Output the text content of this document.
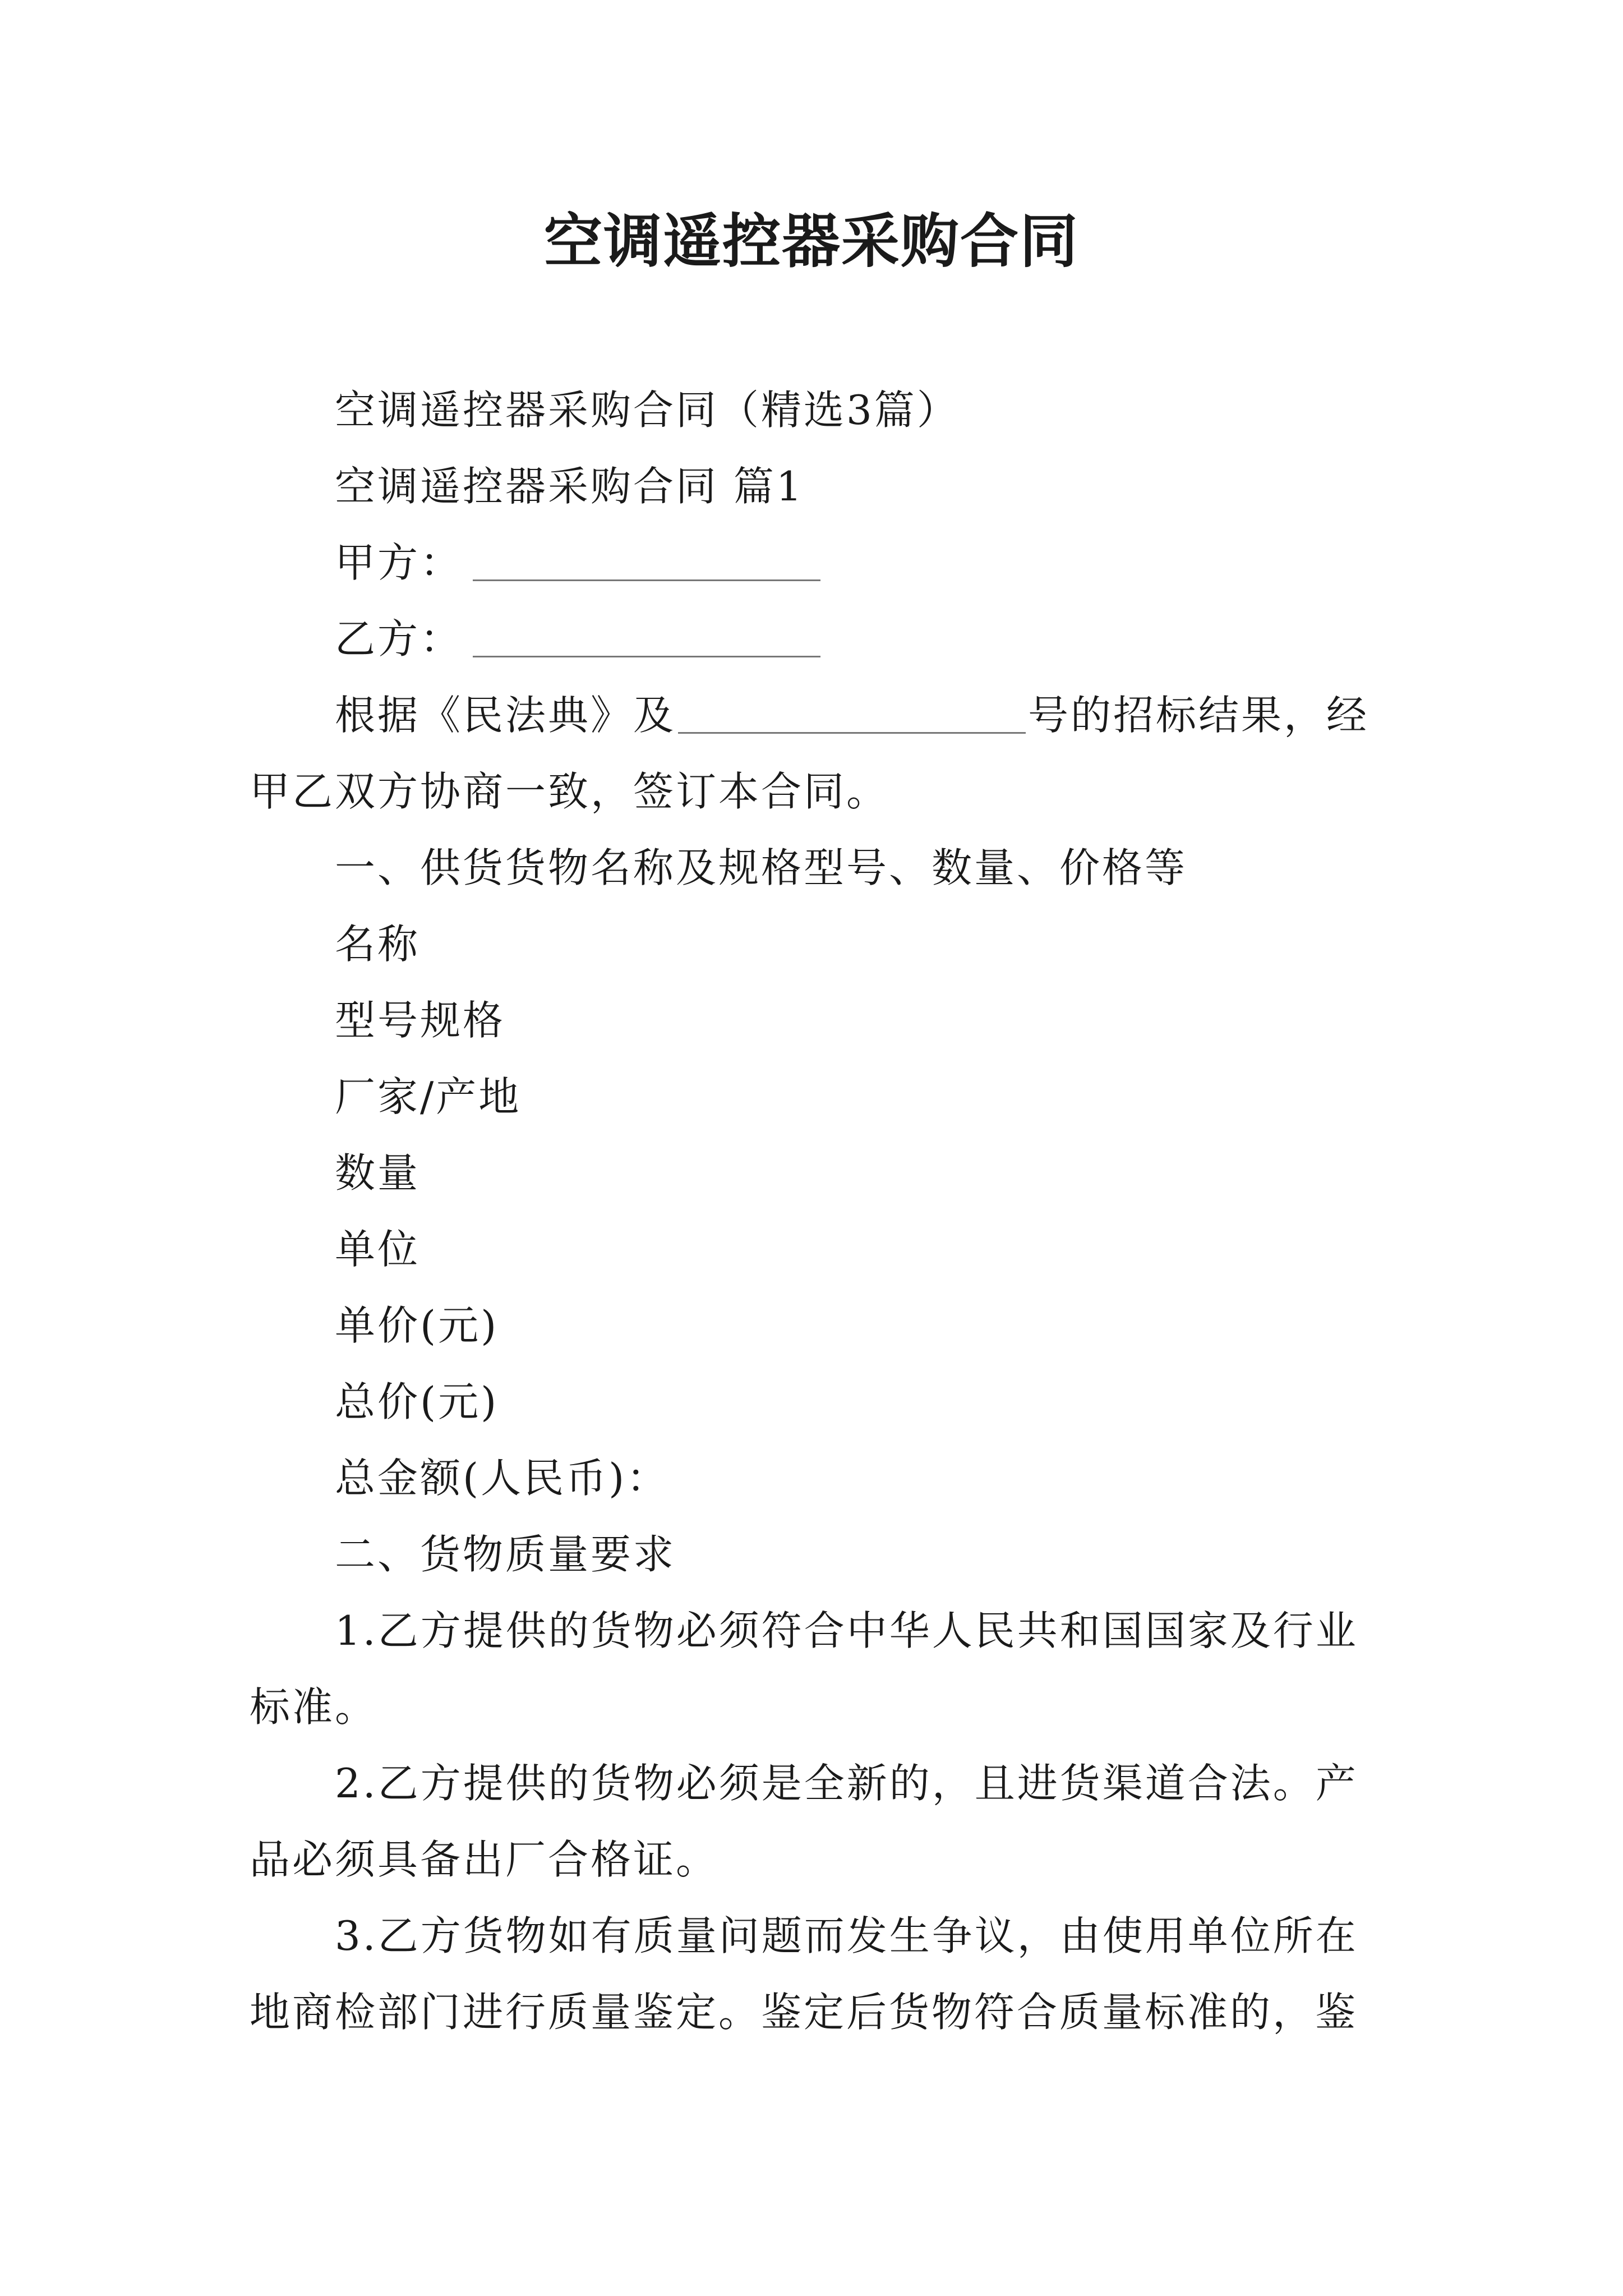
空调遥控器采购合同

空调遥控器采购合同（精选3篇）

空调遥控器采购合同 篇1

甲方：

乙方：

根据《民法典》及	号的招标结果，经甲乙双方协商一致，签订本合同。

一、供货货物名称及规格型号、数量、价格等

名称

型号规格

厂家/产地

数量

单位

单价(元)

总价(元)

总金额(人民币)：

二、货物质量要求

1.乙方提供的货物必须符合中华人民共和国国家及行业标准。

2.乙方提供的货物必须是全新的，且进货渠道合法。产品必须具备出厂合格证。

3.乙方货物如有质量问题而发生争议，由使用单位所在地商检部门进行质量鉴定。鉴定后货物符合质量标准的，鉴
